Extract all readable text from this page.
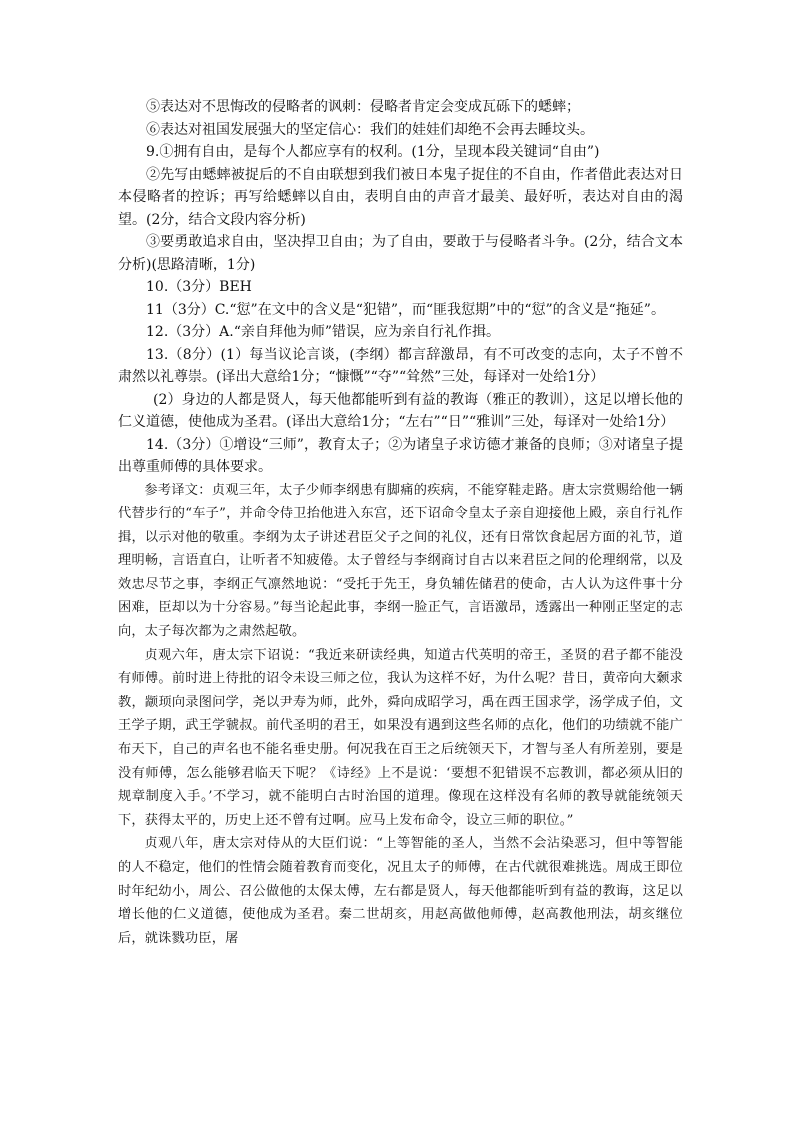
⑤表达对不思悔改的侵略者的讽刺：侵略者肯定会变成瓦砾下的蟋蟀；

⑥表达对祖国发展强大的坚定信心：我们的娃娃们却绝不会再去睡坟头。

9.①拥有自由，是每个人都应享有的权利。(1分，呈现本段关键词“自由”)

②先写由蟋蟀被捉后的不自由联想到我们被日本鬼子捉住的不自由，作者借此表达对日本侵略者的控诉；再写给蟋蟀以自由，表明自由的声音才最美、最好听，表达对自由的渴望。(2分，结合文段内容分析)

③要勇敢追求自由，坚决捍卫自由；为了自由，要敢于与侵略者斗争。(2分，结合文本分析)(思路清晰，1分)

10.（3分）BEH

11（3分）C.“愆”在文中的含义是“犯错”，而“匪我愆期”中的“愆”的含义是“拖延”。

12.（3分）A.“亲自拜他为师”错误，应为亲自行礼作揖。

13.（8分）(1）每当议论言谈，(李纲）都言辞激昂，有不可改变的志向，太子不曾不肃然以礼尊崇。(译出大意给1分；“慷慨”“夺”“耸然”三处，每译对一处给1分）

(2）身边的人都是贤人，每天他都能听到有益的教诲（雅正的教训），这足以增长他的仁义道德，使他成为圣君。(译出大意给1分；“左右”“日”“雅训”三处，每译对一处给1分）

14.（3分）①增设“三师”，教育太子；②为诸皇子求访德才兼备的良师；③对诸皇子提出尊重师傅的具体要求。

参考译文：贞观三年，太子少师李纲患有脚痛的疾病，不能穿鞋走路。唐太宗赏赐给他一辆代替步行的“车子”，并命令侍卫抬他进入东宫，还下诏命令皇太子亲自迎接他上殿，亲自行礼作揖，以示对他的敬重。李纲为太子讲述君臣父子之间的礼仪，还有日常饮食起居方面的礼节，道理明畅，言语直白，让听者不知疲倦。太子曾经与李纲商讨自古以来君臣之间的伦理纲常，以及效忠尽节之事，李纲正气凛然地说：“受托于先王，身负辅佐储君的使命，古人认为这件事十分困难，臣却以为十分容易。”每当论起此事，李纲一脸正气，言语激昂，透露出一种刚正坚定的志向，太子每次都为之肃然起敬。

贞观六年，唐太宗下诏说：“我近来研读经典，知道古代英明的帝王，圣贤的君子都不能没有师傅。前时进上待批的诏令未设三师之位，我认为这样不好，为什么呢？昔日，黄帝向大颡求教，颛顼向录图问学，尧以尹寿为师，此外，舜向成昭学习，禹在西王国求学，汤学成子伯，文王学子期，武王学虢叔。前代圣明的君王，如果没有遇到这些名师的点化，他们的功绩就不能广布天下，自己的声名也不能名垂史册。何况我在百王之后统领天下，才智与圣人有所差别，要是没有师傅，怎么能够君临天下呢？《诗经》上不是说：‘要想不犯错误不忘教训，都必须从旧的规章制度入手。’不学习，就不能明白古时治国的道理。像现在这样没有名师的教导就能统领天下，获得太平的，历史上还不曾有过啊。应马上发布命令，设立三师的职位。”

贞观八年，唐太宗对侍从的大臣们说：“上等智能的圣人，当然不会沾染恶习，但中等智能的人不稳定，他们的性情会随着教育而变化，况且太子的师傅，在古代就很难挑选。周成王即位时年纪幼小，周公、召公做他的太保太傅，左右都是贤人，每天他都能听到有益的教诲，这足以增长他的仁义道德，使他成为圣君。秦二世胡亥，用赵高做他师傅，赵高教他刑法，胡亥继位后，就诛戮功臣，屠
